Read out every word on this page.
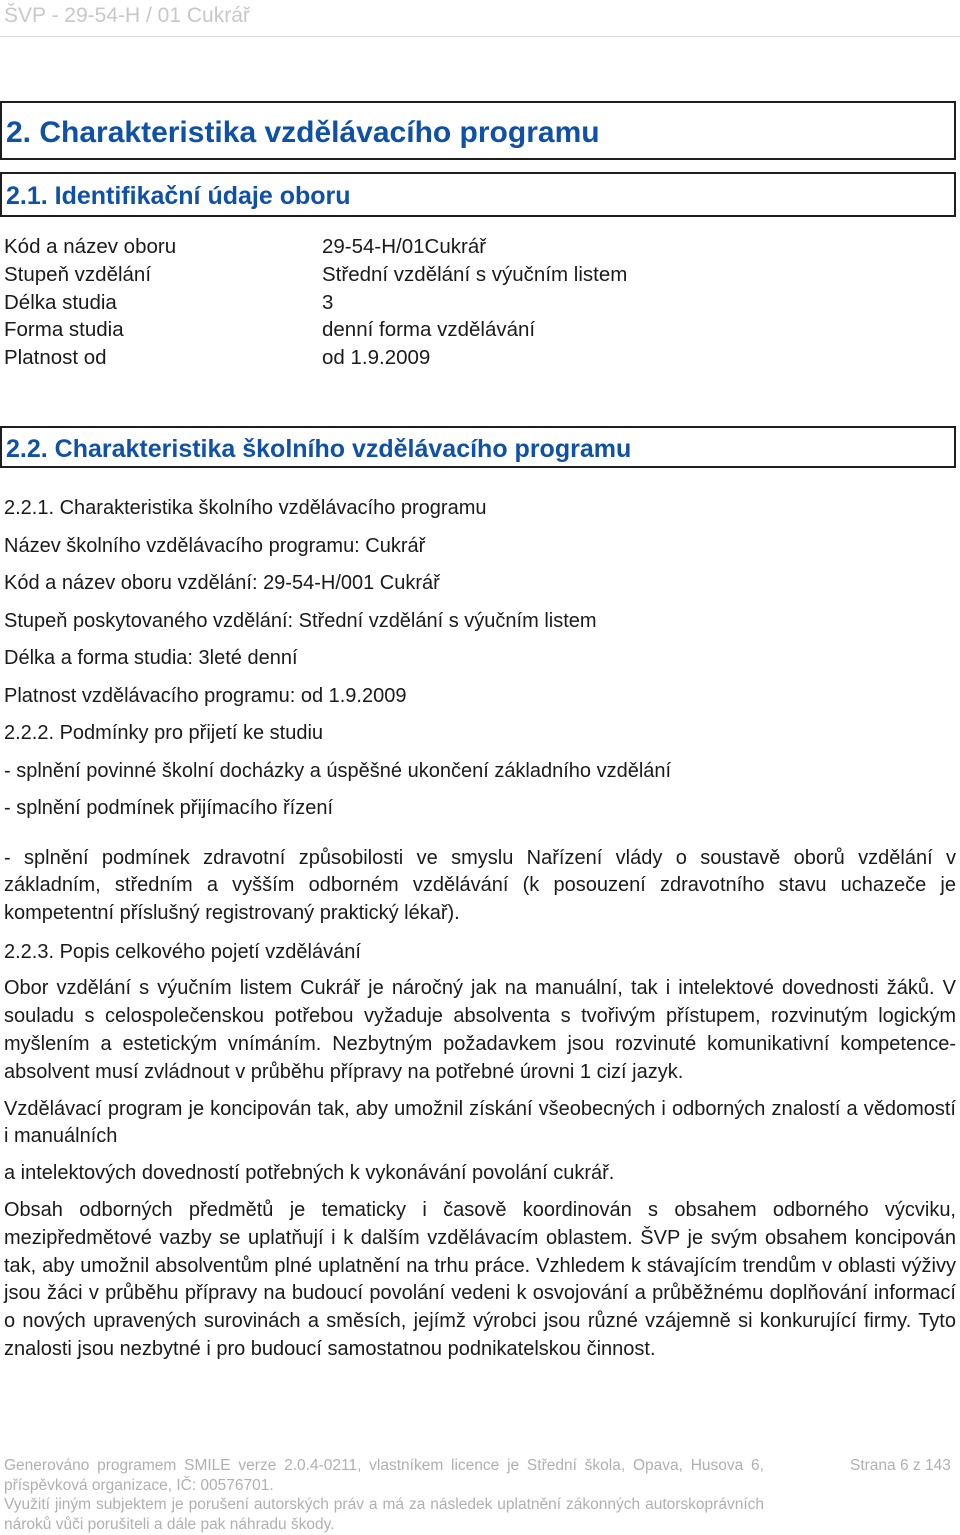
ŠVP - 29-54-H / 01 Cukrář
2. Charakteristika vzdělávacího programu
2.1. Identifikační údaje oboru
Kód a název oboru	29-54-H/01Cukrář
Stupeň vzdělání	Střední vzdělání s výučním listem
Délka studia	3
Forma studia	denní forma vzdělávání
Platnost od	od 1.9.2009
2.2. Charakteristika školního vzdělávacího programu
2.2.1. Charakteristika školního vzdělávacího programu
Název školního vzdělávacího programu: Cukrář
Kód a název oboru vzdělání: 29-54-H/001 Cukrář
Stupeň poskytovaného vzdělání: Střední vzdělání s výučním listem
Délka a forma studia: 3leté denní
Platnost vzdělávacího programu: od 1.9.2009
2.2.2. Podmínky pro přijetí ke studiu
- splnění povinné školní docházky a úspěšné ukončení základního vzdělání
- splnění podmínek přijímacího řízení

- splnění podmínek zdravotní způsobilosti ve smyslu Nařízení vlády o soustavě oborů vzdělání v základním, středním a vyšším odborném vzdělávání (k posouzení zdravotního stavu uchazeče je kompetentní příslušný registrovaný praktický lékař).

2.2.3. Popis celkového pojetí vzdělávání

Obor vzdělání s výučním listem Cukrář je náročný jak na manuální, tak i intelektové dovednosti žáků. V souladu s celospolečenskou potřebou vyžaduje absolventa s tvořivým přístupem, rozvinutým logickým myšlením a estetickým vnímáním. Nezbytným požadavkem jsou rozvinuté komunikativní kompetence- absolvent musí zvládnout v průběhu přípravy na potřebné úrovni 1 cizí jazyk.

Vzdělávací program je koncipován tak, aby umožnil získání všeobecných i odborných znalostí a vědomostí i manuálních

a intelektových dovedností potřebných k vykonávání povolání cukrář.

Obsah odborných předmětů je tematicky i časově koordinován s obsahem odborného výcviku, mezipředmětové vazby se uplatňují i k dalším vzdělávacím oblastem. ŠVP je svým obsahem koncipován tak, aby umožnil absolventům plné uplatnění na trhu práce. Vzhledem k stávajícím trendům v oblasti výživy jsou žáci v průběhu přípravy na budoucí povolání vedeni k osvojování a průběžnému doplňování informací o nových upravených surovinách a směsích, jejímž výrobci jsou různé vzájemně si konkurující firmy. Tyto znalosti jsou nezbytné i pro budoucí samostatnou podnikatelskou činnost.

Generováno programem SMILE verze 2.0.4-0211, vlastníkem licence je Střední škola, Opava, Husova 6, příspěvková organizace, IČ: 00576701.
Využití jiným subjektem je porušení autorských práv a má za následek uplatnění zákonných autorskoprávních nároků vůči porušiteli a dále pak náhradu škody.
Strana 6 z 143
